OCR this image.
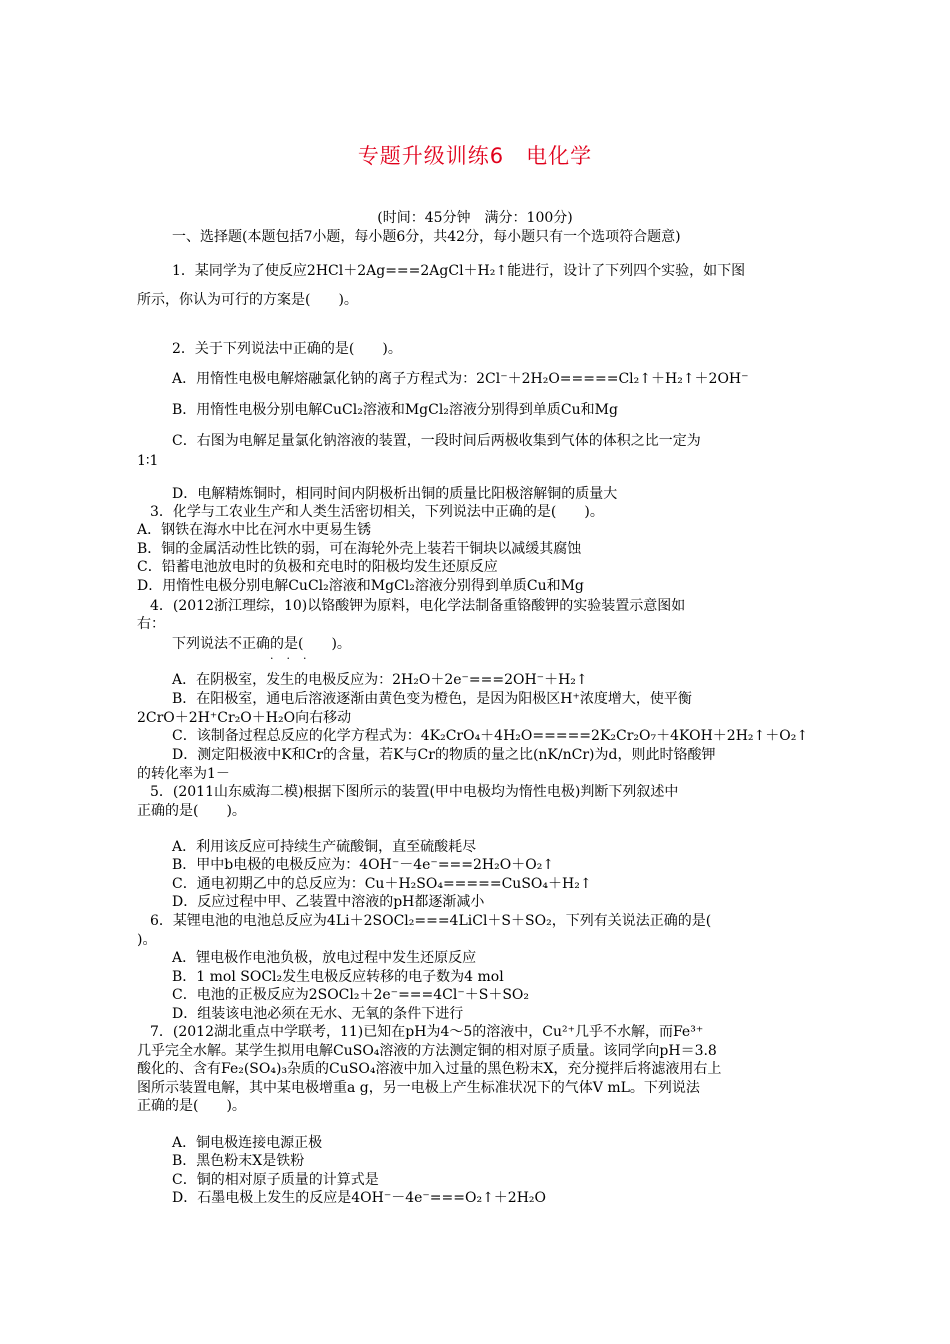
专题升级训练6　电化学
(时间：45分钟　满分：100分)
一、选择题(本题包括7小题，每小题6分，共42分，每小题只有一个选项符合题意)
1．某同学为了使反应2HCl＋2Ag===2AgCl＋H₂↑能进行，设计了下列四个实验，如下图
所示，你认为可行的方案是(　　)。
2．关于下列说法中正确的是(　　)。
A．用惰性电极电解熔融氯化钠的离子方程式为：2Cl⁻＋2H₂O=====Cl₂↑＋H₂↑＋2OH⁻
B．用惰性电极分别电解CuCl₂溶液和MgCl₂溶液分别得到单质Cu和Mg
C．右图为电解足量氯化钠溶液的装置，一段时间后两极收集到气体的体积之比一定为
1∶1
D．电解精炼铜时，相同时间内阴极析出铜的质量比阳极溶解铜的质量大
3．化学与工农业生产和人类生活密切相关，下列说法中正确的是(　　)。
A．钢铁在海水中比在河水中更易生锈
B．铜的金属活动性比铁的弱，可在海轮外壳上装若干铜块以减缓其腐蚀
C．铅蓄电池放电时的负极和充电时的阳极均发生还原反应
D．用惰性电极分别电解CuCl₂溶液和MgCl₂溶液分别得到单质Cu和Mg
4．(2012浙江理综，10)以铬酸钾为原料，电化学法制备重铬酸钾的实验装置示意图如
右：
下列说法不正确的是(　　)。
·  ·  ·
A．在阴极室，发生的电极反应为：2H₂O＋2e⁻===2OH⁻＋H₂↑
B．在阳极室，通电后溶液逐渐由黄色变为橙色，是因为阳极区H⁺浓度增大，使平衡
2CrO＋2H⁺Cr₂O＋H₂O向右移动
C．该制备过程总反应的化学方程式为：4K₂CrO₄＋4H₂O=====2K₂Cr₂O₇＋4KOH＋2H₂↑＋O₂↑
D．测定阳极液中K和Cr的含量，若K与Cr的物质的量之比(nK/nCr)为d，则此时铬酸钾
的转化率为1－
5．(2011山东威海二模)根据下图所示的装置(甲中电极均为惰性电极)判断下列叙述中
正确的是(　　)。
A．利用该反应可持续生产硫酸铜，直至硫酸耗尽
B．甲中b电极的电极反应为：4OH⁻－4e⁻===2H₂O＋O₂↑
C．通电初期乙中的总反应为：Cu＋H₂SO₄=====CuSO₄＋H₂↑
D．反应过程中甲、乙装置中溶液的pH都逐渐减小
6．某锂电池的电池总反应为4Li＋2SOCl₂===4LiCl＋S＋SO₂，下列有关说法正确的是(
)。
A．锂电极作电池负极，放电过程中发生还原反应
B．1 mol SOCl₂发生电极反应转移的电子数为4 mol
C．电池的正极反应为2SOCl₂＋2e⁻===4Cl⁻＋S＋SO₂
D．组装该电池必须在无水、无氧的条件下进行
7．(2012湖北重点中学联考，11)已知在pH为4～5的溶液中，Cu²⁺几乎不水解，而Fe³⁺
几乎完全水解。某学生拟用电解CuSO₄溶液的方法测定铜的相对原子质量。该同学向pH＝3.8
酸化的、含有Fe₂(SO₄)₃杂质的CuSO₄溶液中加入过量的黑色粉末X，充分搅拌后将滤液用右上
图所示装置电解，其中某电极增重a g，另一电极上产生标准状况下的气体V mL。下列说法
正确的是(　　)。
A．铜电极连接电源正极
B．黑色粉末X是铁粉
C．铜的相对原子质量的计算式是
D．石墨电极上发生的反应是4OH⁻－4e⁻===O₂↑＋2H₂O
